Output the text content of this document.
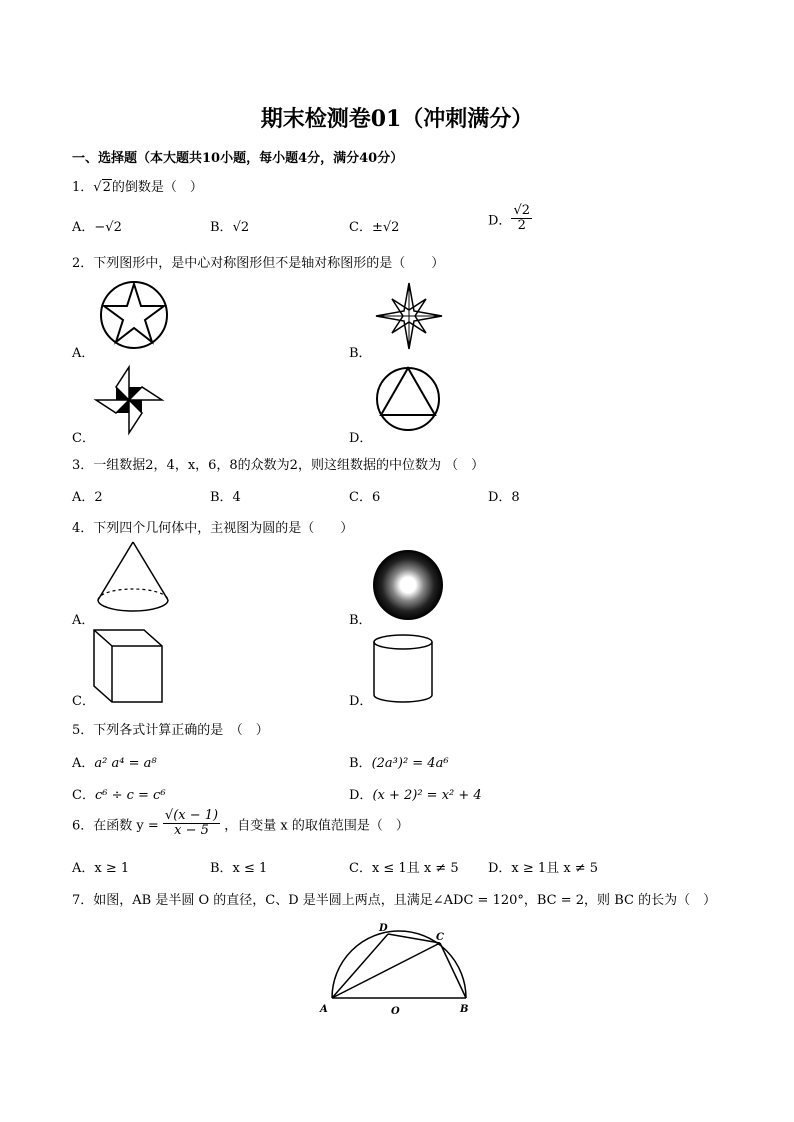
期末检测卷01（冲刺满分）
一、选择题（本大题共10小题，每小题4分，满分40分）
1．√2的倒数是（　）
A．−√2	B．√2	C．±√2	D． $\frac{√2}{2}$
2．下列图形中，是中心对称图形但不是轴对称图形的是（　　）
A．	B．
C．	D．
3．一组数据2，4，x，6，8的众数为2，则这组数据的中位数为 （　）
A．2	B．4	C．6	D．8
4．下列四个几何体中，主视图为圆的是（　　）
A．	B．
C．	D．
5．下列各式计算正确的是　（　）
A．a² a⁴ = a⁸	B．(2a³)² = 4a⁶
C．c⁶ ÷ c = c⁶	D．(x + 2)² = x² + 4
6．在函数 $y = \frac{√(x - 1)}{x - 5}$ ，自变量 x 的取值范围是（　）
A．x ≥ 1	B．x ≤ 1	C．x ≤ 1且 x ≠ 5 D．x ≥ 1且 x ≠ 5
7．如图，AB 是半圆 O 的直径，C、D 是半圆上两点，且满足∠ADC = 120°，BC = 2，则 BC 的长为（　）
A	B
C
D
O
